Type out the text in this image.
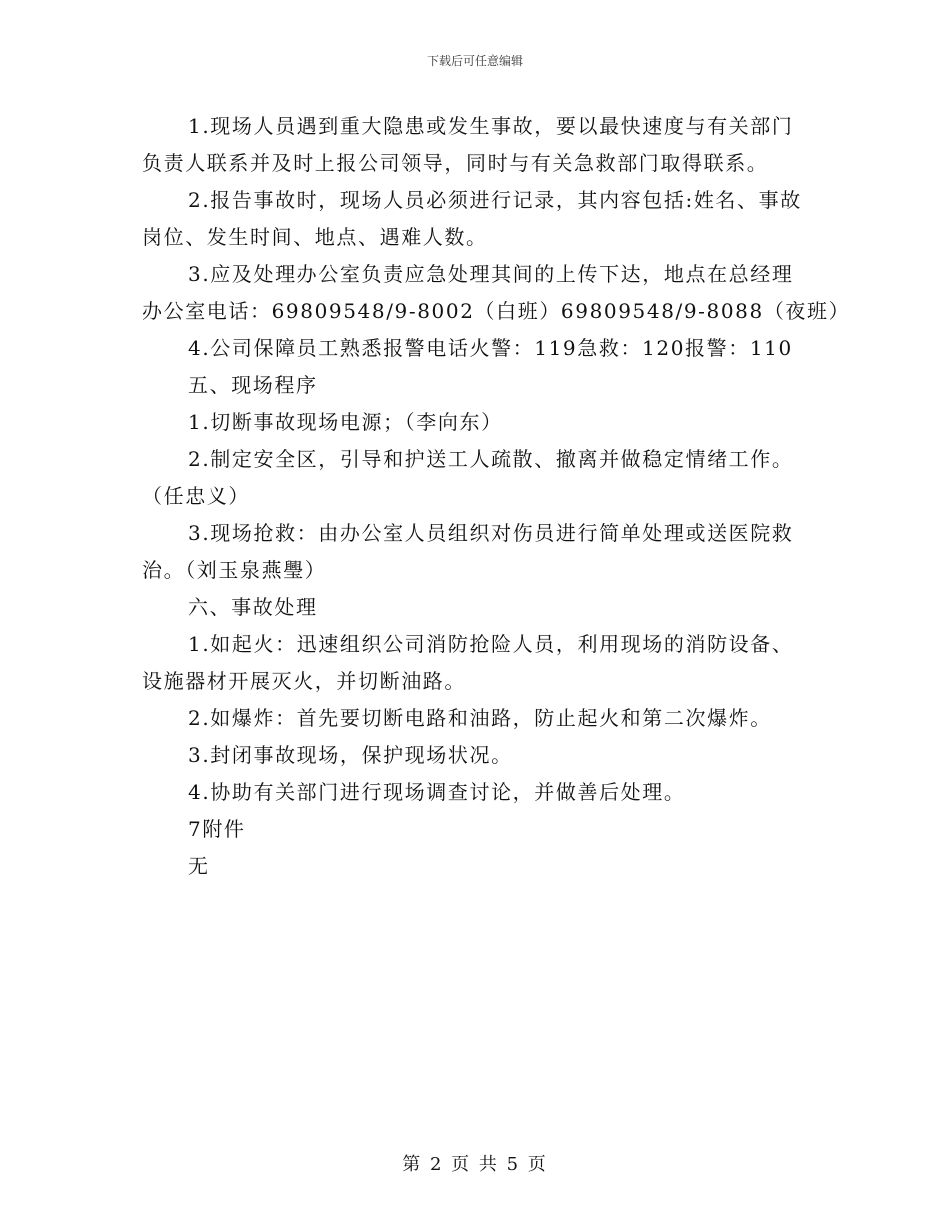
下载后可任意编辑
1.现场人员遇到重大隐患或发生事故，要以最快速度与有关部门
负责人联系并及时上报公司领导，同时与有关急救部门取得联系。
2.报告事故时，现场人员必须进行记录，其内容包括:姓名、事故
岗位、发生时间、地点、遇难人数。
3.应及处理办公室负责应急处理其间的上传下达，地点在总经理
办公室电话：69809548/9-8002（白班）69809548/9-8088（夜班）
4.公司保障员工熟悉报警电话火警：119急救：120报警：110
五、现场程序
1.切断事故现场电源；（李向东）
2.制定安全区，引导和护送工人疏散、撤离并做稳定情绪工作。
（任忠义）
3.现场抢救：由办公室人员组织对伤员进行简单处理或送医院救
治。（刘玉泉燕璺）
六、事故处理
1.如起火：迅速组织公司消防抢险人员，利用现场的消防设备、
设施器材开展灭火，并切断油路。
2.如爆炸：首先要切断电路和油路，防止起火和第二次爆炸。
3.封闭事故现场，保护现场状况。
4.协助有关部门进行现场调查讨论，并做善后处理。
7附件
无
第 2 页 共 5 页
